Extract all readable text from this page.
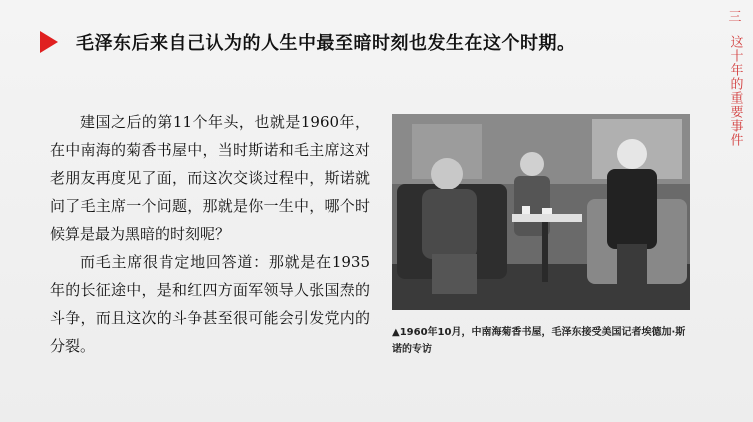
毛泽东后来自己认为的人生中最至暗时刻也发生在这个时期。
三
这十年的重要事件

建国之后的第11个年头，也就是1960年，在中南海的菊香书屋中，当时斯诺和毛主席这对老朋友再度见了面，而这次交谈过程中，斯诺就问了毛主席一个问题，那就是你一生中，哪个时候算是最为黑暗的时刻呢？

而毛主席很肯定地回答道：那就是在1935年的长征途中，是和红四方面军领导人张国焘的斗争，而且这次的斗争甚至很可能会引发党内的分裂。

▲1960年10月，中南海菊香书屋，毛泽东接受美国记者埃德加·斯诺的专访
